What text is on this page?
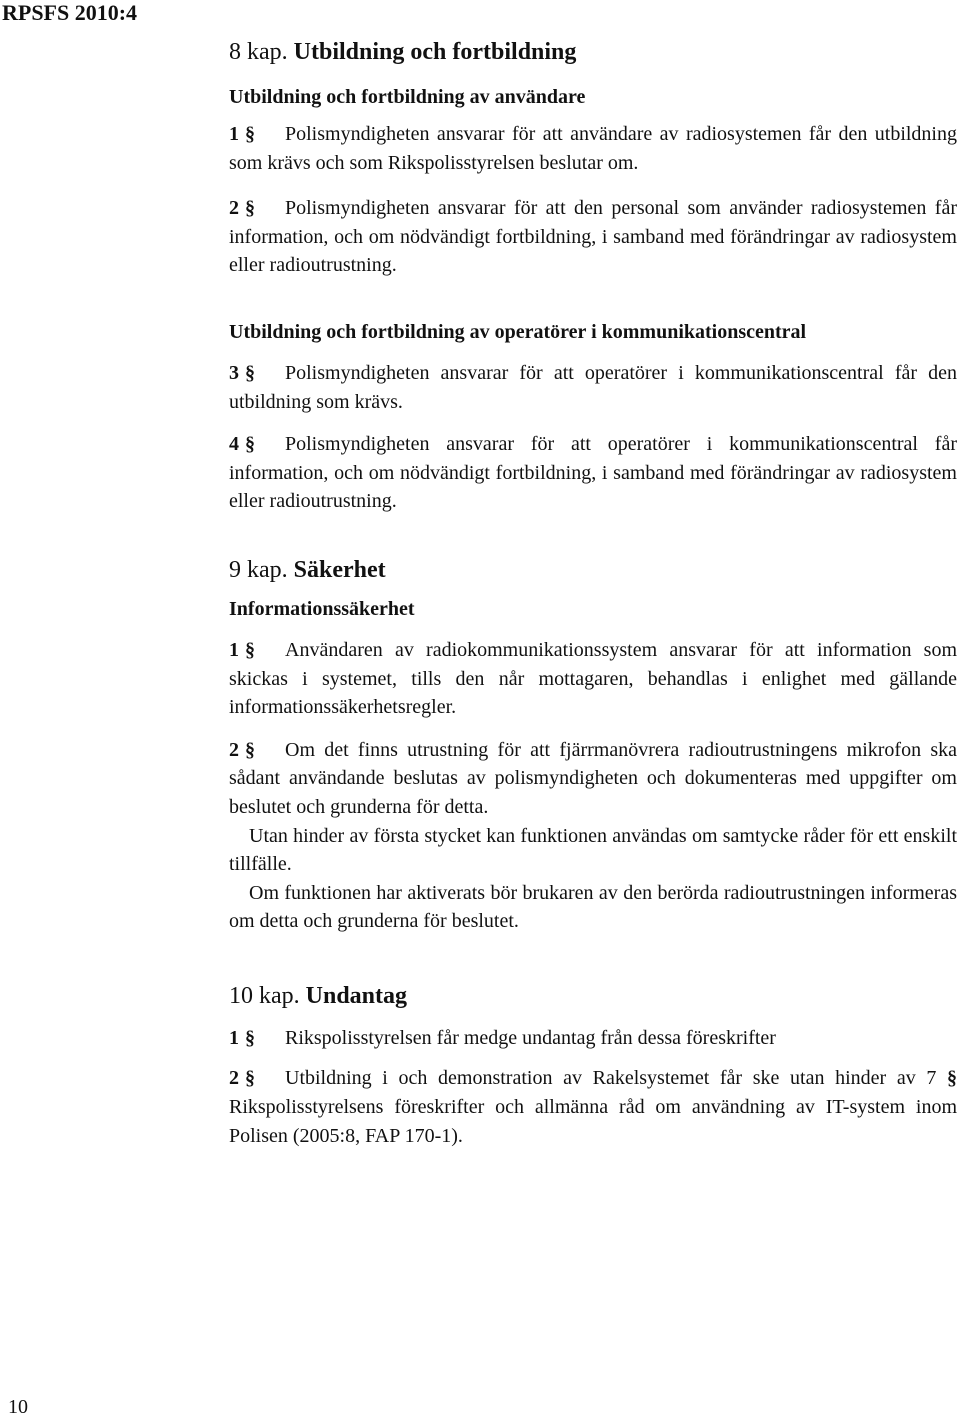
RPSFS 2010:4
8 kap. Utbildning och fortbildning
Utbildning och fortbildning av användare

1 § Polismyndigheten ansvarar för att användare av radiosystemen får den utbildning som krävs och som Rikspolisstyrelsen beslutar om.

2 § Polismyndigheten ansvarar för att den personal som använder radiosystemen får information, och om nödvändigt fortbildning, i samband med förändringar av radiosystem eller radioutrustning.

Utbildning och fortbildning av operatörer i kommunikationscentral

3 § Polismyndigheten ansvarar för att operatörer i kommunikationscentral får den utbildning som krävs.

4 § Polismyndigheten ansvarar för att operatörer i kommunikationscentral får information, och om nödvändigt fortbildning, i samband med förändringar av radiosystem eller radioutrustning.

9 kap. Säkerhet
Informationssäkerhet

1 § Användaren av radiokommunikationssystem ansvarar för att information som skickas i systemet, tills den når mottagaren, behandlas i enlighet med gällande informationssäkerhetsregler.

2 § Om det finns utrustning för att fjärrmanövrera radioutrustningens mikrofon ska sådant användande beslutas av polismyndigheten och dokumenteras med uppgifter om beslutet och grunderna för detta.

Utan hinder av första stycket kan funktionen användas om samtycke råder för ett enskilt tillfälle.

Om funktionen har aktiverats bör brukaren av den berörda radioutrustningen informeras om detta och grunderna för beslutet.

10 kap. Undantag

1 § Rikspolisstyrelsen får medge undantag från dessa föreskrifter

2 § Utbildning i och demonstration av Rakelsystemet får ske utan hinder av 7 § Rikspolisstyrelsens föreskrifter och allmänna råd om användning av IT-system inom Polisen (2005:8, FAP 170-1).

10
